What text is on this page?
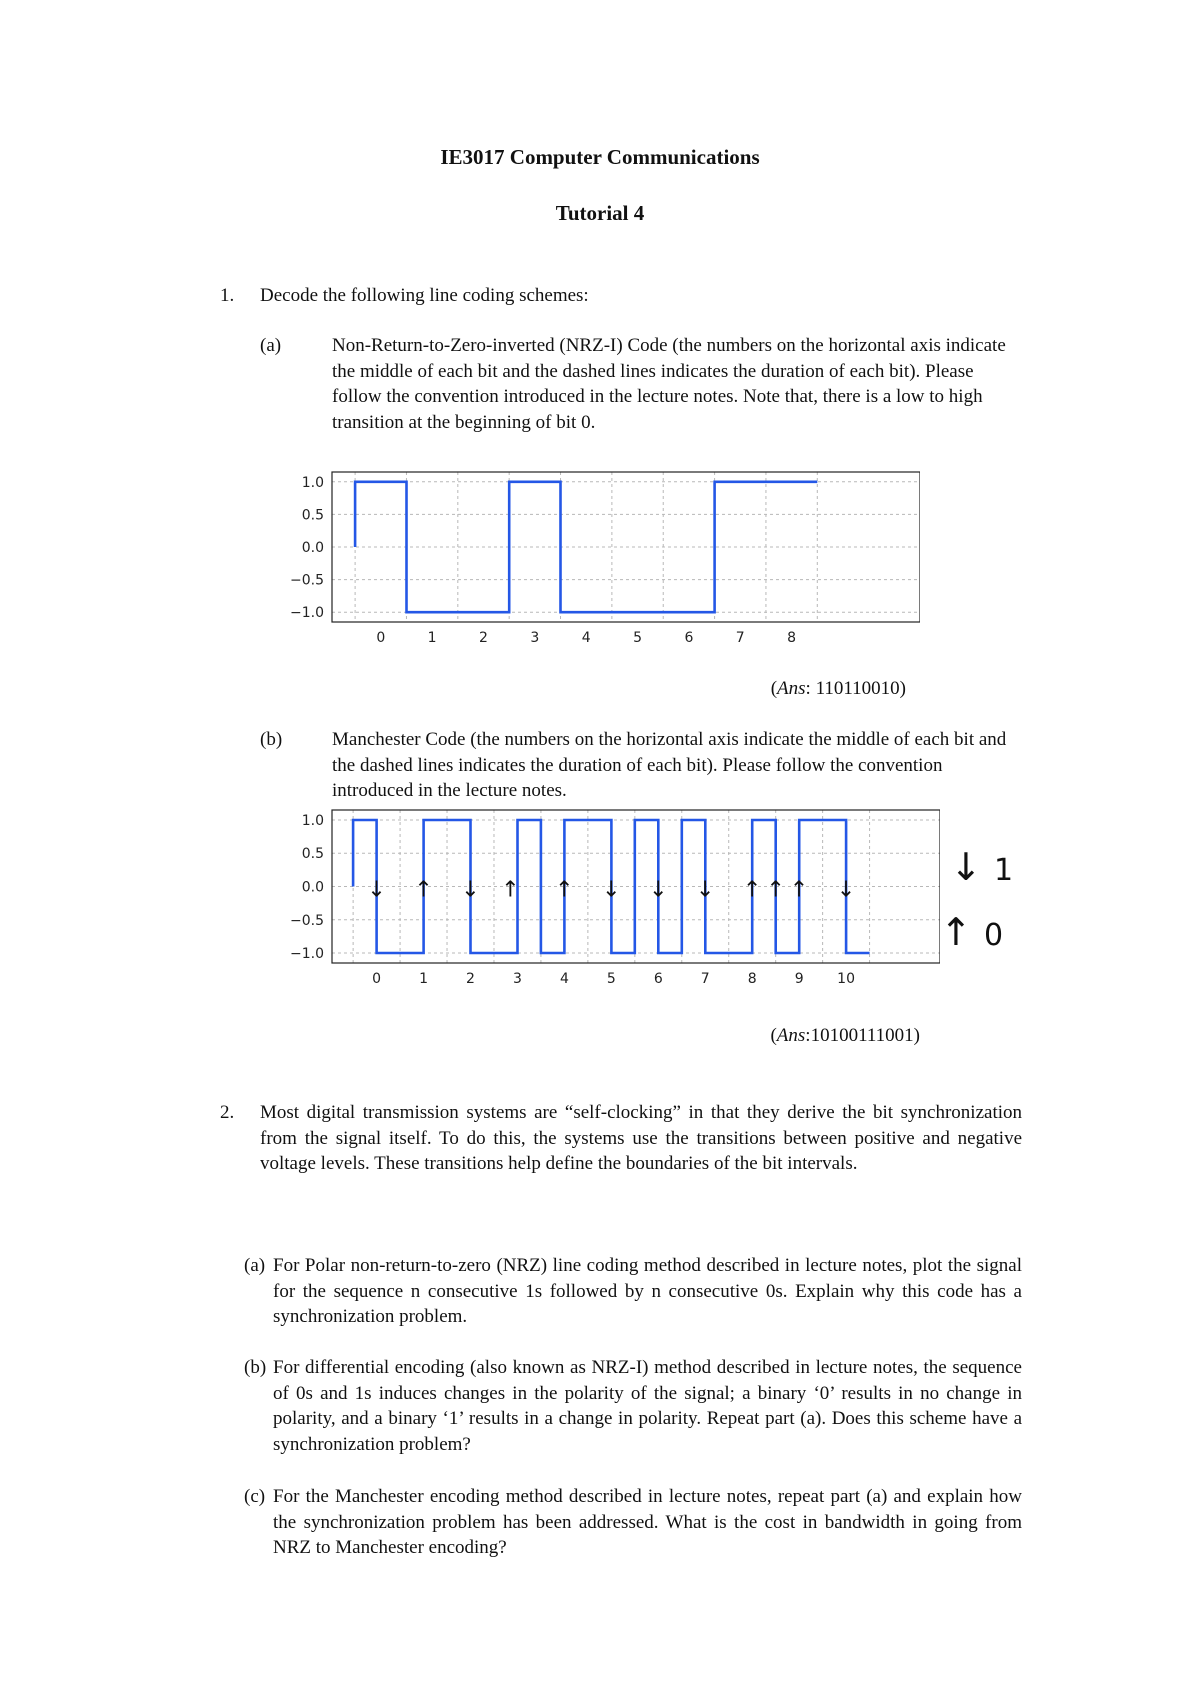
IE3017 Computer Communications
Tutorial 4
1. Decode the following line coding schemes:
(a)	Non-Return-to-Zero-inverted (NRZ-I) Code (the numbers on the horizontal axis indicate the middle of each bit and the dashed lines indicates the duration of each bit). Please follow the convention introduced in the lecture notes. Note that, there is a low to high transition at the beginning of bit 0.
1.0
0.5
0.0
−0.5
−1.0
0	1	2	3	4	5	6	7	8
(Ans: 110110010)
(b)	Manchester Code (the numbers on the horizontal axis indicate the middle of each bit and the dashed lines indicates the duration of each bit). Please follow the convention introduced in the lecture notes.
1.0
0.5
0.0
−0.5
−1.0
0	1	2	3	4	5	6	7	8	9 10
↓ ↑ ↓ ↑ ↑ ↓ ↓ ↓ ↑ ↑ ↑ ↓
↓ 1
↑ 0
(Ans:10100111001)
2. Most digital transmission systems are “self-clocking” in that they derive the bit synchronization from the signal itself. To do this, the systems use the transitions between positive and negative voltage levels. These transitions help define the boundaries of the bit intervals.
(a) For Polar non-return-to-zero (NRZ) line coding method described in lecture notes, plot the signal for the sequence n consecutive 1s followed by n consecutive 0s. Explain why this code has a synchronization problem.
(b) For differential encoding (also known as NRZ-I) method described in lecture notes, the sequence of 0s and 1s induces changes in the polarity of the signal; a binary ‘0’ results in no change in polarity, and a binary ‘1’ results in a change in polarity. Repeat part (a). Does this scheme have a synchronization problem?
(c) For the Manchester encoding method described in lecture notes, repeat part (a) and explain how the synchronization problem has been addressed. What is the cost in bandwidth in going from NRZ to Manchester encoding?
